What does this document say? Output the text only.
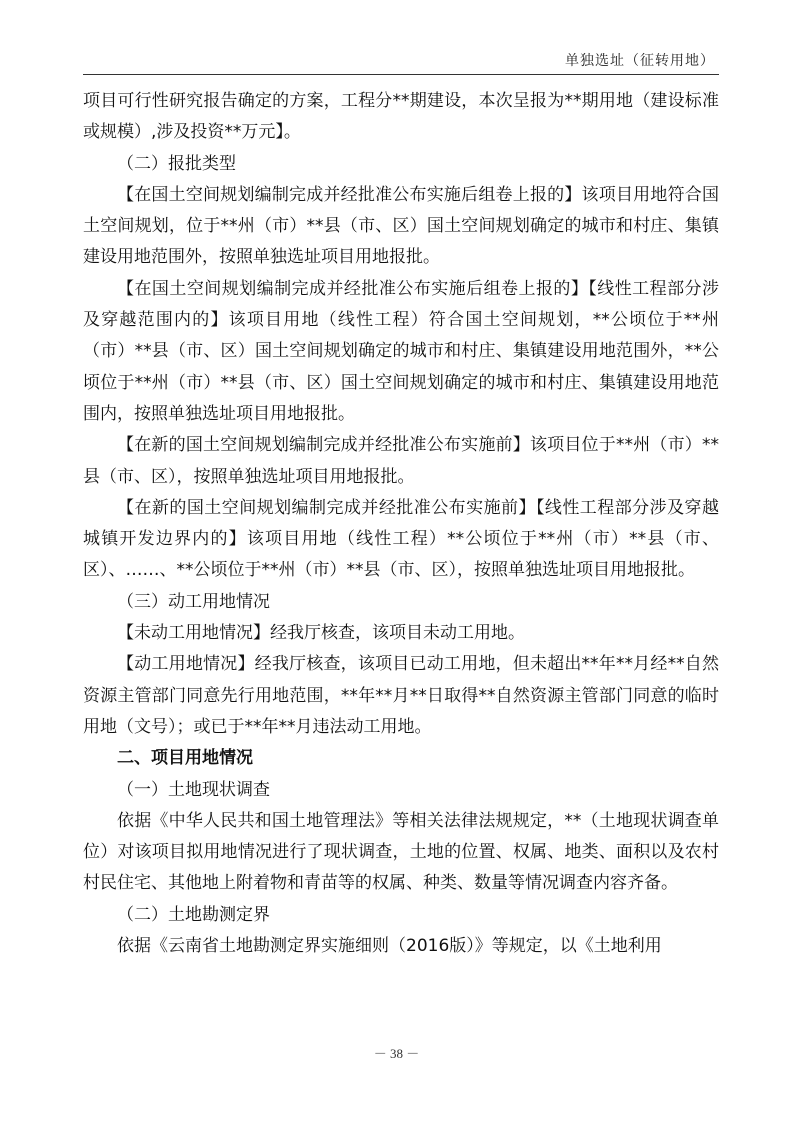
单独选址（征转用地）

项目可行性研究报告确定的方案，工程分**期建设，本次呈报为**期用地（建设标准或规模）,涉及投资**万元】。

（二）报批类型

【在国土空间规划编制完成并经批准公布实施后组卷上报的】该项目用地符合国土空间规划，位于**州（市）**县（市、区）国土空间规划确定的城市和村庄、集镇建设用地范围外，按照单独选址项目用地报批。

【在国土空间规划编制完成并经批准公布实施后组卷上报的】【线性工程部分涉及穿越范围内的】该项目用地（线性工程）符合国土空间规划，**公顷位于**州（市）**县（市、区）国土空间规划确定的城市和村庄、集镇建设用地范围外，**公顷位于**州（市）**县（市、区）国土空间规划确定的城市和村庄、集镇建设用地范围内，按照单独选址项目用地报批。

【在新的国土空间规划编制完成并经批准公布实施前】该项目位于**州（市）**县（市、区），按照单独选址项目用地报批。

【在新的国土空间规划编制完成并经批准公布实施前】【线性工程部分涉及穿越城镇开发边界内的】该项目用地（线性工程）**公顷位于**州（市）**县（市、区）、……、**公顷位于**州（市）**县（市、区），按照单独选址项目用地报批。

（三）动工用地情况

【未动工用地情况】经我厅核查，该项目未动工用地。

【动工用地情况】经我厅核查，该项目已动工用地，但未超出**年**月经**自然资源主管部门同意先行用地范围，**年**月**日取得**自然资源主管部门同意的临时用地（文号）；或已于**年**月违法动工用地。

二、项目用地情况

（一）土地现状调查

依据《中华人民共和国土地管理法》等相关法律法规规定，**（土地现状调查单位）对该项目拟用地情况进行了现状调查，土地的位置、权属、地类、面积以及农村村民住宅、其他地上附着物和青苗等的权属、种类、数量等情况调查内容齐备。

（二）土地勘测定界

依据《云南省土地勘测定界实施细则（2016版）》等规定，以《土地利用

－ 38 －
